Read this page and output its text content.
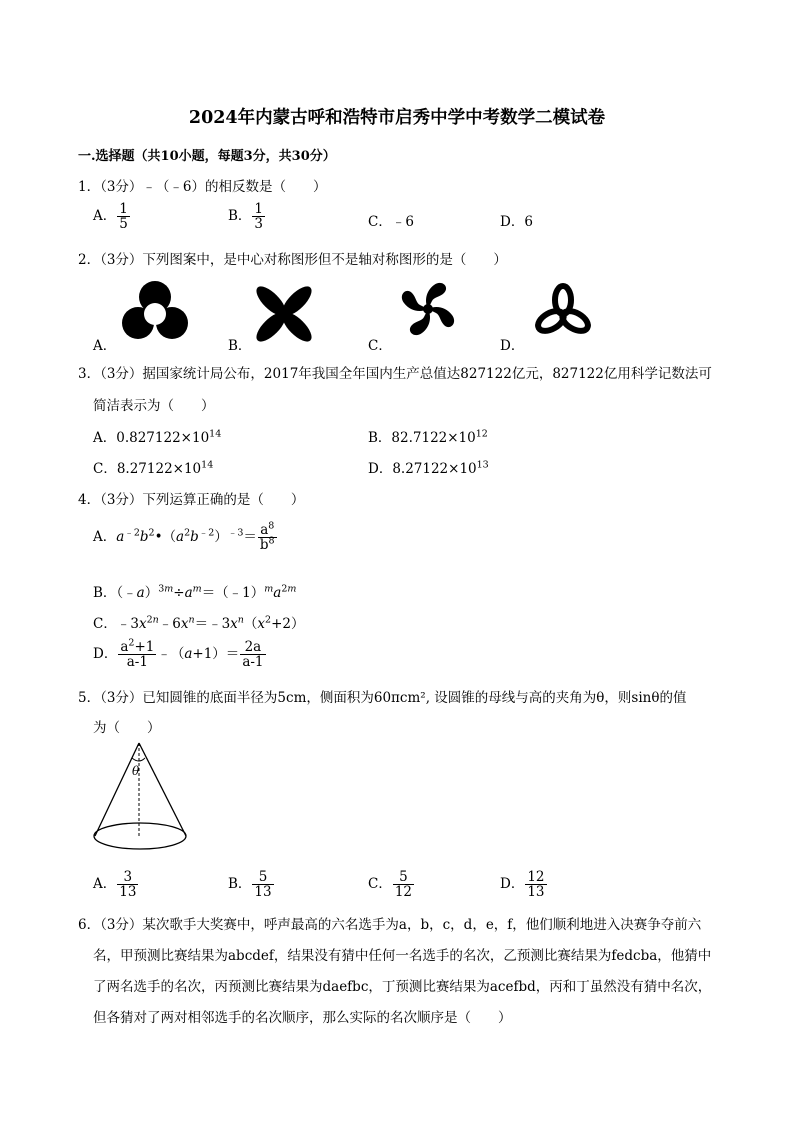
2024年内蒙古呼和浩特市启秀中学中考数学二模试卷
一.选择题（共10小题，每题3分，共30分）
1．（3分）﹣（﹣6）的相反数是（　　）
A． $\frac{1}{5}$	B． $\frac{1}{3}$	C．﹣6	D．6
2．（3分）下列图案中，是中心对称图形但不是轴对称图形的是（　　）
A．	B．	C．	D．
3．（3分）据国家统计局公布，2017年我国全年国内生产总值达827122亿元，827122亿用科学记数法可
简洁表示为（　　）
A．$0.827122\times 10^{14}$	B．$82.7122\times 10^{12}$
C．$8.27122\times 10^{14}$	D．$8.27122\times 10^{13}$
4．（3分）下列运算正确的是（　　）
A．$a^{﹣2}b^2•(a^2b^{﹣2})^{﹣3}= \frac{a^8}{b^8}$
B．$(﹣a)^{3m}\div a^m=(﹣1)^ma^{2m}$
C．$﹣3x^{2n}﹣6x^n=﹣3x^n(x^2+2)$
D． $\frac{a^2+1}{a-1}$ ﹣（a+1）＝ $\frac{2a}{a-1}$
5．（3分）已知圆锥的底面半径为5cm，侧面积为60πcm², 设圆锥的母线与高的夹角为θ，则sinθ的值
为（　　）
θ
A． $\frac{3}{13}$	B． $\frac{5}{13}$	C． $\frac{5}{12}$	D． $\frac{12}{13}$
6．（3分）某次歌手大奖赛中，呼声最高的六名选手为a，b，c，d，e，f，他们顺利地进入决赛争夺前六
名，甲预测比赛结果为abcdef，结果没有猜中任何一名选手的名次，乙预测比赛结果为fedcba，他猜中
了两名选手的名次，丙预测比赛结果为daefbc，丁预测比赛结果为acefbd，丙和丁虽然没有猜中名次，
但各猜对了两对相邻选手的名次顺序，那么实际的名次顺序是（　　）
